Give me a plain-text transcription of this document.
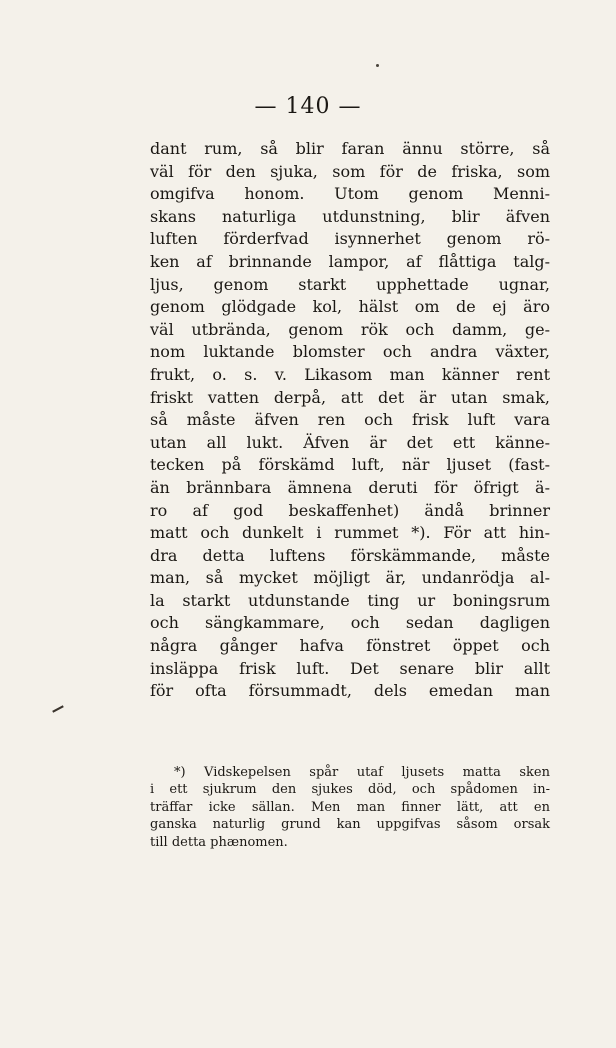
— 140 —
dant rum, så blir faran ännu större, så
väl för den sjuka, som för de friska, som
omgifva honom. Utom genom Menni-
skans naturliga utdunstning, blir äfven
luften förderfvad isynnerhet genom rö-
ken af brinnande lampor, af flåttiga talg-
ljus, genom starkt upphettade ugnar,
genom glödgade kol, hälst om de ej äro
väl utbrända, genom rök och damm, ge-
nom luktande blomster och andra växter,
frukt, o. s. v. Likasom man känner rent
friskt vatten derpå, att det är utan smak,
så måste äfven ren och frisk luft vara
utan all lukt. Äfven är det ett känne-
tecken på förskämd luft, när ljuset (fast-
än brännbara ämnena deruti för öfrigt ä-
ro af god beskaffenhet) ändå brinner
matt och dunkelt i rummet *). För att hin-
dra detta luftens förskämmande, måste
man, så mycket möjligt är, undanrödja al-
la starkt utdunstande ting ur boningsrum
och sängkammare, och sedan dagligen
några gånger hafva fönstret öppet och
insläppa frisk luft. Det senare blir allt
för ofta försummadt, dels emedan man
*) Vidskepelsen spår utaf ljusets matta sken
i ett sjukrum den sjukes död, och spådomen in-
träffar icke sällan. Men man finner lätt, att en
ganska naturlig grund kan uppgifvas såsom orsak
till detta phænomen.
